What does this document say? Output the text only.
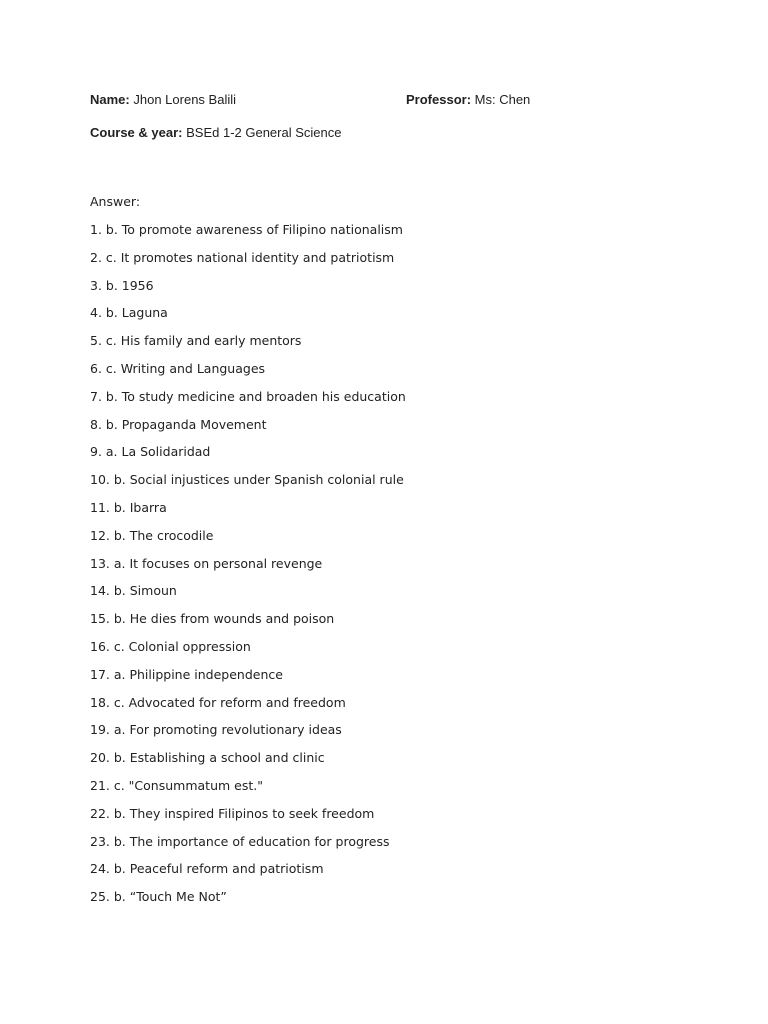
Name: Jhon Lorens Balili	Professor: Ms: Chen
Course & year: BSEd 1-2 General Science
Answer:
1. b. To promote awareness of Filipino nationalism
2. c. It promotes national identity and patriotism
3. b. 1956
4. b. Laguna
5. c. His family and early mentors
6. c. Writing and Languages
7. b. To study medicine and broaden his education
8. b. Propaganda Movement
9. a. La Solidaridad
10. b. Social injustices under Spanish colonial rule
11. b. Ibarra
12. b. The crocodile
13. a. It focuses on personal revenge
14. b. Simoun
15. b. He dies from wounds and poison
16. c. Colonial oppression
17. a. Philippine independence
18. c. Advocated for reform and freedom
19. a. For promoting revolutionary ideas
20. b. Establishing a school and clinic
21. c. "Consummatum est."
22. b. They inspired Filipinos to seek freedom
23. b. The importance of education for progress
24. b. Peaceful reform and patriotism
25. b. “Touch Me Not”
